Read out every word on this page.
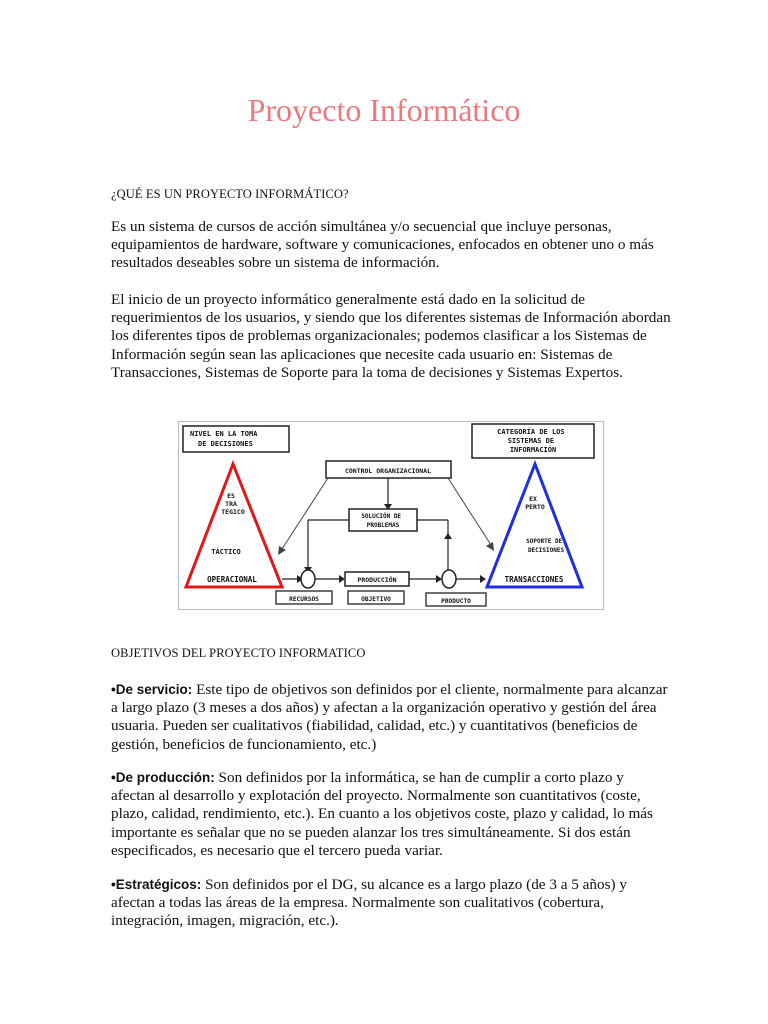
Proyecto Informático

¿QUÉ ES UN PROYECTO INFORMÁTICO?

Es un sistema de cursos de acción simultánea y/o secuencial que incluye personas, equipamientos de hardware, software y comunicaciones, enfocados en obtener uno o más resultados deseables sobre un sistema de información.

El inicio de un proyecto informático generalmente está dado en la solicitud de requerimientos de los usuarios, y siendo que los diferentes sistemas de Información abordan los diferentes tipos de problemas organizacionales; podemos clasificar a los Sistemas de Información según sean las aplicaciones que necesite cada usuario en: Sistemas de Transacciones, Sistemas de Soporte para la toma de decisiones y Sistemas Expertos.

NIVEL EN LA TOMA DE DECISIONES
CATEGORÍA DE LOS SISTEMAS DE INFORMACIÓN
CONTROL ORGANIZACIONAL
SOLUCIÓN DE PROBLEMAS
ES TRA TÉGICO
TÁCTICO
OPERACIONAL
EX PERTO
SOPORTE DE DECISIONES
TRANSACCIONES
PRODUCCIÓN
RECURSOS	OBJETIVO	PRODUCTO

OBJETIVOS DEL PROYECTO INFORMATICO

•De servicio: Este tipo de objetivos son definidos por el cliente, normalmente para alcanzar a largo plazo (3 meses a dos años) y afectan a la organización operativo y gestión del área usuaria. Pueden ser cualitativos (fiabilidad, calidad, etc.) y cuantitativos (beneficios de gestión, beneficios de funcionamiento, etc.)

•De producción: Son definidos por la informática, se han de cumplir a corto plazo y afectan al desarrollo y explotación del proyecto. Normalmente son cuantitativos (coste, plazo, calidad, rendimiento, etc.). En cuanto a los objetivos coste, plazo y calidad, lo más importante es señalar que no se pueden alanzar los tres simultáneamente. Si dos están especificados, es necesario que el tercero pueda variar.

•Estratégicos: Son definidos por el DG, su alcance es a largo plazo (de 3 a 5 años) y afectan a todas las áreas de la empresa. Normalmente son cualitativos (cobertura, integración, imagen, migración, etc.).
